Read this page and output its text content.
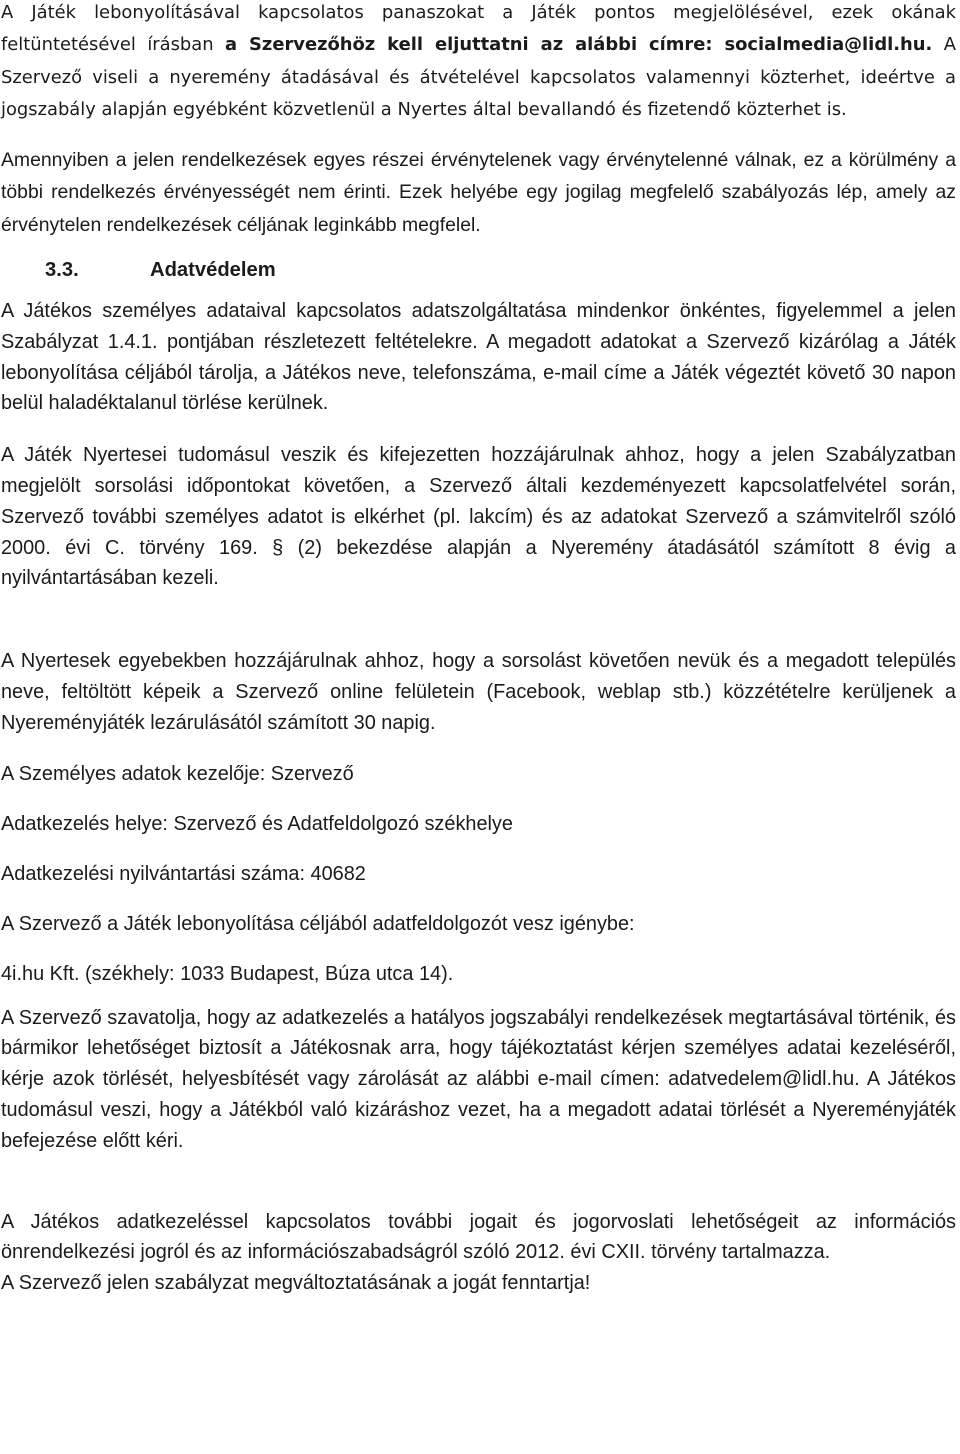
A Játék lebonyolításával kapcsolatos panaszokat a Játék pontos megjelölésével, ezek okának feltüntetésével írásban a Szervezőhöz kell eljuttatni az alábbi címre: socialmedia@lidl.hu. A Szervező viseli a nyeremény átadásával és átvételével kapcsolatos valamennyi közterhet, ideértve a jogszabály alapján egyébként közvetlenül a Nyertes által bevallandó és fizetendő közterhet is.

Amennyiben a jelen rendelkezések egyes részei érvénytelenek vagy érvénytelenné válnak, ez a körülmény a többi rendelkezés érvényességét nem érinti. Ezek helyébe egy jogilag megfelelő szabályozás lép, amely az érvénytelen rendelkezések céljának leginkább megfelel.

3.3.	Adatvédelem

A Játékos személyes adataival kapcsolatos adatszolgáltatása mindenkor önkéntes, figyelemmel a jelen Szabályzat 1.4.1. pontjában részletezett feltételekre. A megadott adatokat a Szervező kizárólag a Játék lebonyolítása céljából tárolja, a Játékos neve, telefonszáma, e-mail címe a Játék végeztét követő 30 napon belül haladéktalanul törlése kerülnek.

A Játék Nyertesei tudomásul veszik és kifejezetten hozzájárulnak ahhoz, hogy a jelen Szabályzatban megjelölt sorsolási időpontokat követően, a Szervező általi kezdeményezett kapcsolatfelvétel során, Szervező további személyes adatot is elkérhet (pl. lakcím) és az adatokat Szervező a számvitelről szóló 2000. évi C. törvény 169. § (2) bekezdése alapján a Nyeremény átadásától számított 8 évig a nyilvántartásában kezeli.

A Nyertesek egyebekben hozzájárulnak ahhoz, hogy a sorsolást követően nevük és a megadott település neve, feltöltött képeik a Szervező online felületein (Facebook, weblap stb.) közzétételre kerüljenek a Nyereményjáték lezárulásától számított 30 napig.

A Személyes adatok kezelője: Szervező

Adatkezelés helye: Szervező és Adatfeldolgozó székhelye

Adatkezelési nyilvántartási száma: 40682

A Szervező a Játék lebonyolítása céljából adatfeldolgozót vesz igénybe:

4i.hu Kft. (székhely: 1033 Budapest, Búza utca 14).

A Szervező szavatolja, hogy az adatkezelés a hatályos jogszabályi rendelkezések megtartásával történik, és bármikor lehetőséget biztosít a Játékosnak arra, hogy tájékoztatást kérjen személyes adatai kezeléséről, kérje azok törlését, helyesbítését vagy zárolását az alábbi e-mail címen: adatvedelem@lidl.hu. A Játékos tudomásul veszi, hogy a Játékból való kizáráshoz vezet, ha a megadott adatai törlését a Nyereményjáték befejezése előtt kéri.

A Játékos adatkezeléssel kapcsolatos további jogait és jogorvoslati lehetőségeit az információs önrendelkezési jogról és az információszabadságról szóló 2012. évi CXII. törvény tartalmazza.

A Szervező jelen szabályzat megváltoztatásának a jogát fenntartja!
